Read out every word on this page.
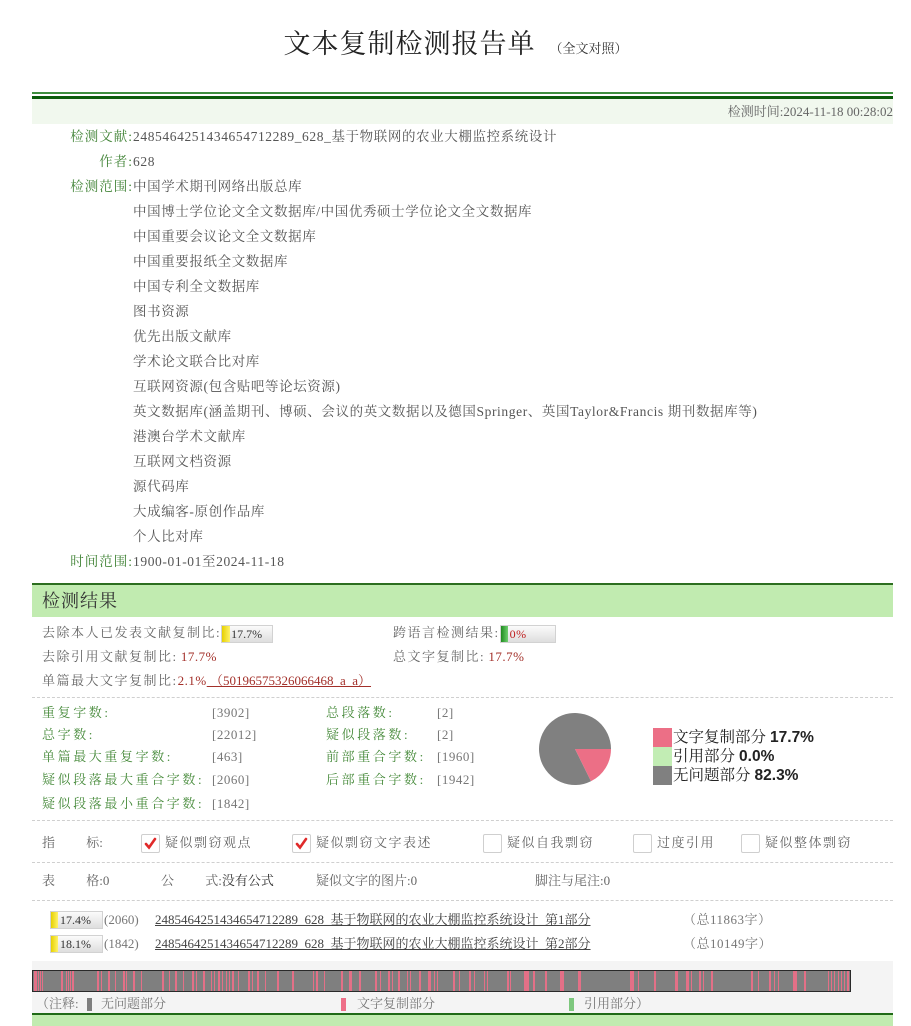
文本复制检测报告单 （全文对照）
检测时间:2024-11-18 00:28:02
检测文献:2485464251434654712289_628_基于物联网的农业大棚监控系统设计
作者:628
检测范围:中国学术期刊网络出版总库
中国博士学位论文全文数据库/中国优秀硕士学位论文全文数据库
中国重要会议论文全文数据库
中国重要报纸全文数据库
中国专利全文数据库
图书资源
优先出版文献库
学术论文联合比对库
互联网资源(包含贴吧等论坛资源)
英文数据库(涵盖期刊、博硕、会议的英文数据以及德国Springer、英国Taylor&Francis 期刊数据库等)
港澳台学术文献库
互联网文档资源
源代码库
大成编客-原创作品库
个人比对库
时间范围:1900-01-01至2024-11-18
检测结果
去除本人已发表文献复制比: 17.7%	跨语言检测结果: 0%
去除引用文献复制比: 17.7%	总文字复制比: 17.7%
单篇最大文字复制比:2.1% （50196575326066468_a_a）
重复字数:	[3902]	总段落数:	[2]
总字数:	[22012]	疑似段落数: [2]
单篇最大重复字数:	[463]	前部重合字数: [1960]
疑似段落最大重合字数: [2060]	后部重合字数: [1942]
疑似段落最小重合字数: [1842]
文字复制部分 17.7%
引用部分 0.0%
无问题部分 82.3%
指 标:	疑似剽窃观点	疑似剽窃文字表述	疑似自我剽窃	过度引用	疑似整体剽窃
表 格:0	公 式:没有公式	疑似文字的图片:0	脚注与尾注:0
17.4%	(2060) 2485464251434654712289_628_基于物联网的农业大棚监控系统设计_第1部分	（总11863字）
18.1%	(1842) 2485464251434654712289_628_基于物联网的农业大棚监控系统设计_第2部分	（总10149字）
（注释: 无问题部分	文字复制部分	引用部分）
